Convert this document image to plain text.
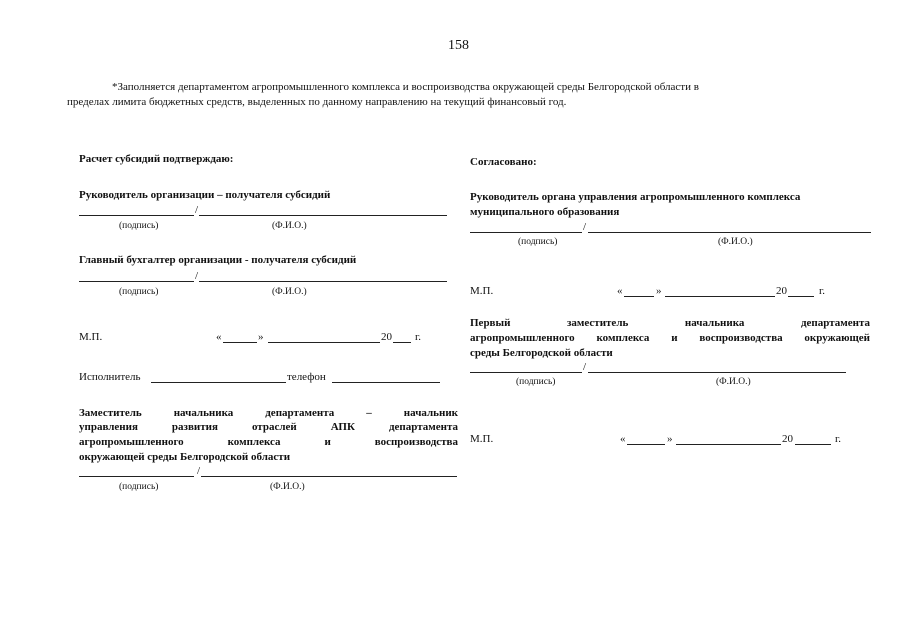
158
*Заполняется департаментом агропромышленного комплекса и воспроизводства окружающей среды Белгородской области в
пределах лимита бюджетных средств, выделенных по данному направлению на текущий финансовый год.
Расчет субсидий подтверждаю:
Руководитель организации – получателя субсидий
/
(подпись)	(Ф.И.О.)
Главный бухгалтер организации - получателя субсидий
/
(подпись)	(Ф.И.О.)
М.П.	«	»	20 г.
Исполнитель	телефон
Заместитель начальника департамента – начальник
управления развития отраслей АПК департамента
агропромышленного комплекса и воспроизводства
окружающей среды Белгородской области
/
(подпись)	(Ф.И.О.)
Согласовано:
Руководитель органа управления агропромышленного комплекса
муниципального образования
/
(подпись)	(Ф.И.О.)
М.П.	«	»	20	г.
Первый заместитель начальника департамента
агропромышленного комплекса и воспроизводства окружающей
среды Белгородской области
/
(подпись)	(Ф.И.О.)
М.П.	«	»	20	г.
